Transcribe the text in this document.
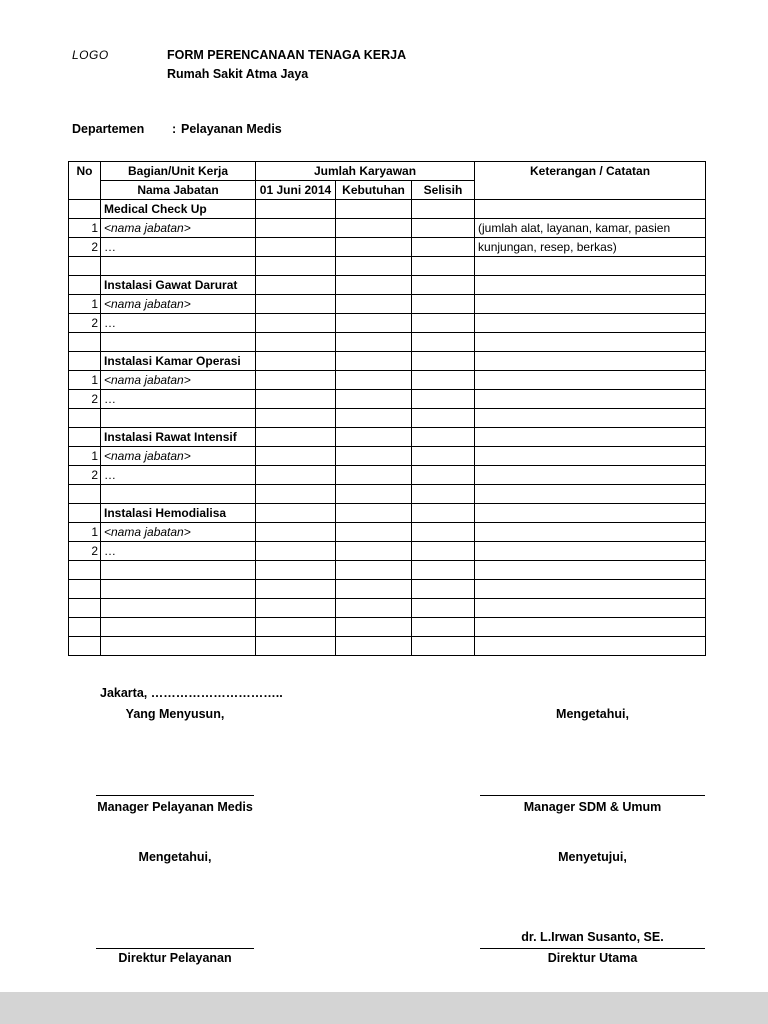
LOGO	FORM PERENCANAAN TENAGA KERJA
Rumah Sakit Atma Jaya
Departemen : Pelayanan Medis
No	Bagian/Unit Kerja	Jumlah Karyawan			Keterangan / Catatan
	Nama Jabatan	01 Juni 2014	Kebutuhan	Selisih	
	Medical Check Up				
1	<nama jabatan>				(jumlah alat, layanan, kamar, pasien
2	…				kunjungan, resep, berkas)

	Instalasi Gawat Darurat				
1	<nama jabatan>				
2	…				

	Instalasi Kamar Operasi				
1	<nama jabatan>				
2	…				

	Instalasi Rawat Intensif				
1	<nama jabatan>				
2	…				

	Instalasi Hemodialisa				
1	<nama jabatan>				
2	…				

Jakarta, …………………………..
Yang Menyusun,	Mengetahui,
Manager Pelayanan Medis	Manager SDM & Umum
Mengetahui,	Menyetujui,
dr. L.Irwan Susanto, SE.
Direktur Pelayanan	Direktur Utama
